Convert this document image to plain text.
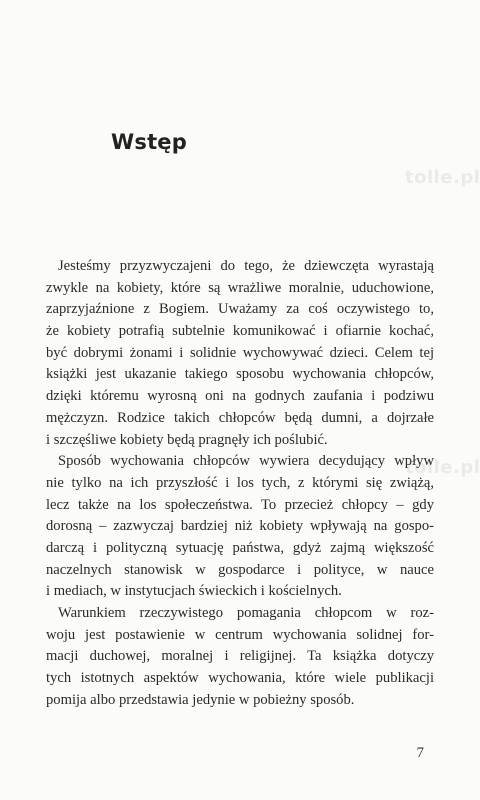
Wstęp
tolle.pl
tolle.pl
Jesteśmy przyzwyczajeni do tego, że dziewczęta wyrastają
zwykle na kobiety, które są wrażliwe moralnie, uduchowione,
zaprzyjaźnione z Bogiem. Uważamy za coś oczywistego to,
że kobiety potrafią subtelnie komunikować i ofiarnie kochać,
być dobrymi żonami i solidnie wychowywać dzieci. Celem tej
książki jest ukazanie takiego sposobu wychowania chłopców,
dzięki któremu wyrosną oni na godnych zaufania i podziwu
mężczyzn. Rodzice takich chłopców będą dumni, a dojrzałe
i szczęśliwe kobiety będą pragnęły ich poślubić.
Sposób wychowania chłopców wywiera decydujący wpływ
nie tylko na ich przyszłość i los tych, z którymi się zwiążą,
lecz także na los społeczeństwa. To przecież chłopcy – gdy
dorosną – zazwyczaj bardziej niż kobiety wpływają na gospo-
darczą i polityczną sytuację państwa, gdyż zajmą większość
naczelnych stanowisk w gospodarce i polityce, w nauce
i mediach, w instytucjach świeckich i kościelnych.
Warunkiem rzeczywistego pomagania chłopcom w roz-
woju jest postawienie w centrum wychowania solidnej for-
macji duchowej, moralnej i religijnej. Ta książka dotyczy
tych istotnych aspektów wychowania, które wiele publikacji
pomija albo przedstawia jedynie w pobieżny sposób.
7
